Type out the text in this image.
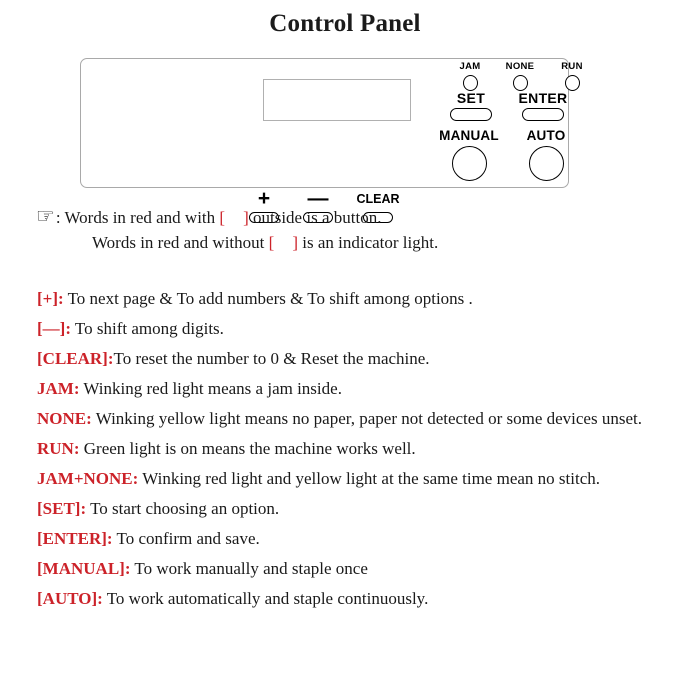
Control Panel
+	—	CLEAR
JAM	NONE	RUN
SET	ENTER
MANUAL	AUTO
☞ : Words in red and with [ ] outside is a button.
Words in red and without [ ] is an indicator light.

[+]: To next page & To add numbers & To shift among options .

[—]: To shift among digits.

[CLEAR]:To reset the number to 0 & Reset the machine.

JAM: Winking red light means a jam inside.

NONE: Winking yellow light means no paper, paper not detected or some devices unset.

RUN: Green light is on means the machine works well.

JAM+NONE: Winking red light and yellow light at the same time mean no stitch.

[SET]: To start choosing an option.

[ENTER]: To confirm and save.

[MANUAL]: To work manually and staple once

[AUTO]: To work automatically and staple continuously.
